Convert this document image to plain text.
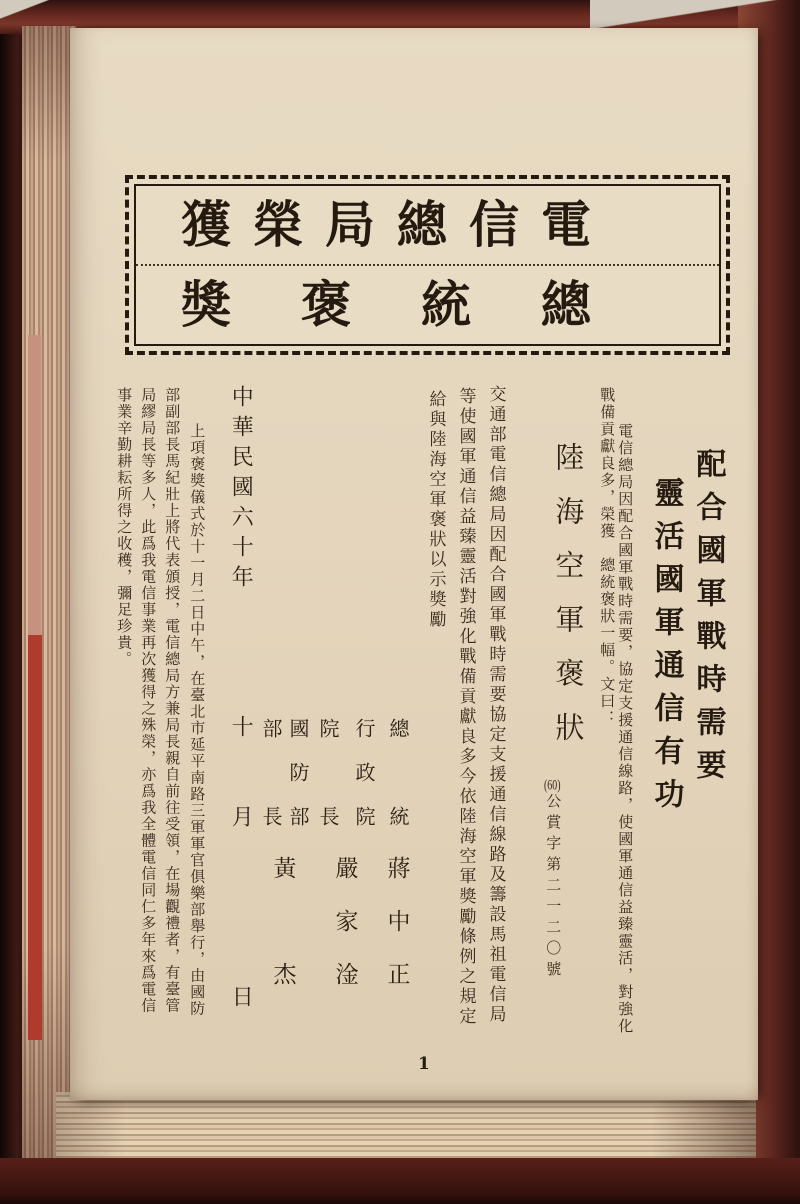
獲 榮 局 總 信 電
獎 褒 統 總
配合國軍戰時需要
靈活國軍通信有功
電信總局因配合國軍戰時需要，協定支援通信線路，使國軍通信益臻靈活，對強化
戰備貢獻良多，榮獲　總統褒狀一幅。文曰：
陸海空軍褒狀
(60)公賞字第二一二〇號
交通部電信總局因配合國軍戰時需要協定支援通信線路及籌設馬祖電信局
等使國軍通信益臻靈活對強化戰備貢獻良多今依陸海空軍獎勵條例之規定
給與陸海空軍褒狀以示獎勵
總　統
蔣中正
行政院
院　長
嚴家淦
國防部
部　長
黃　杰
中華民國六十年　　　　十　　月　　　　　日
上項褒獎儀式於十一月二日中午，在臺北市延平南路三軍軍官俱樂部舉行，由國防
部副部長馬紀壯上將代表頒授，電信總局方兼局長親自前往受領，在場觀禮者，有臺管
局繆局長等多人，此爲我電信事業再次獲得之殊榮，亦爲我全體電信同仁多年來爲電信
事業辛勤耕耘所得之收穫，彌足珍貴。
1
